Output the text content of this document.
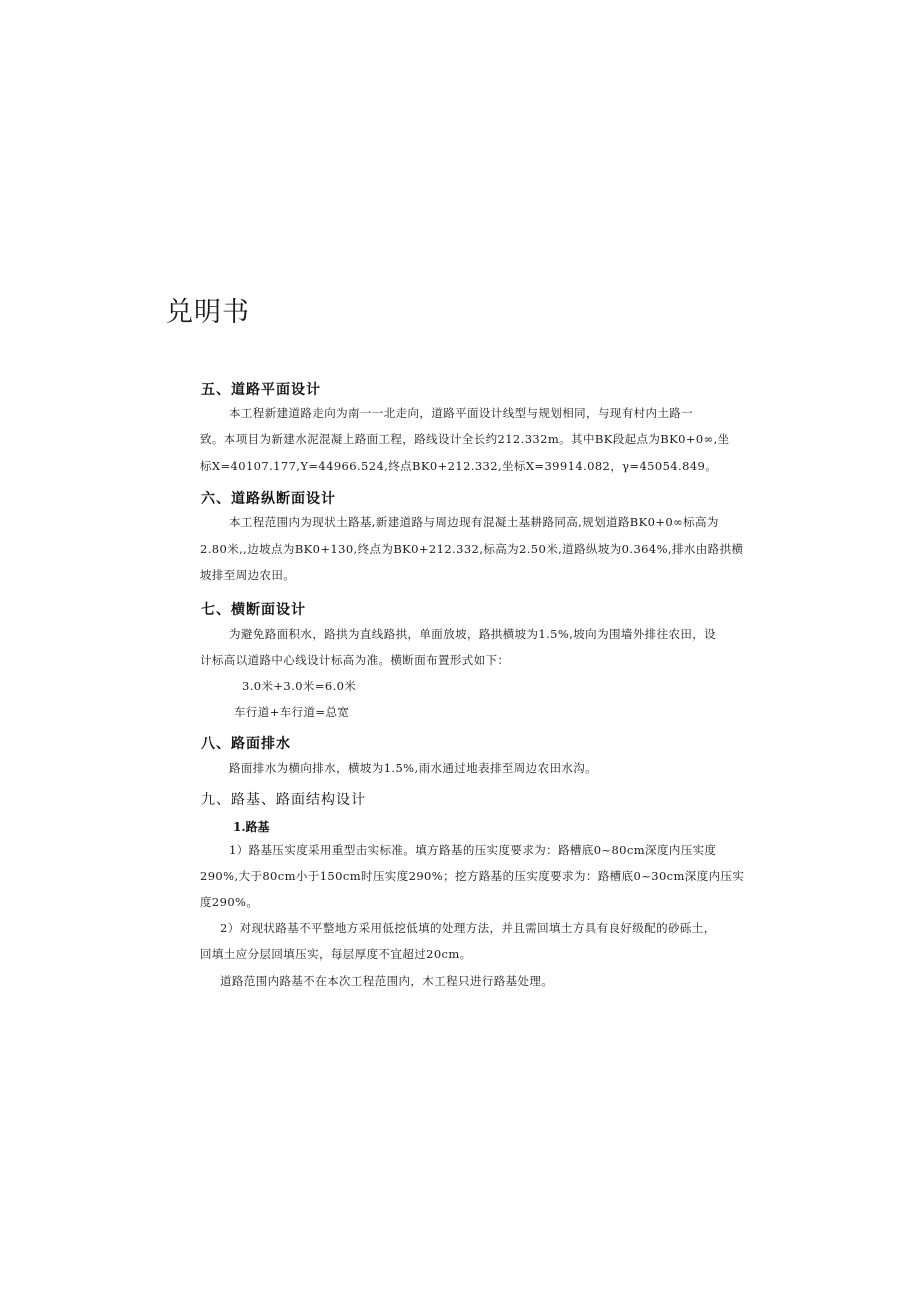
兑明书
五、道路平面设计
本工程新建道路走向为南一一北走向，道路平面设计线型与规划相同，与现有村内土路一
致。本项目为新建水泥混凝上路面工程，路线设计全长约212.332m。其中BK段起点为BK0+0∞,坐
标X=40107.177,Y=44966.524,终点BK0+212.332,坐标X=39914.082，γ=45054.849。
六、道路纵断面设计
本工程范围内为现状土路基,新建道路与周边现有混凝土基耕路同高,规划道路BK0+0∞标高为
2.80米,,边坡点为BK0+130,终点为BK0+212.332,标高为2.50米,道路纵坡为0.364%,排水由路拱横
坡排至周边农田。
七、横断面设计
为避免路面积水，路拱为直线路拱，单面放坡，路拱横坡为1.5%,坡向为围墙外排往农田，设
计标高以道路中心线设计标高为准。横断面布置形式如下：
3.0米+3.0米=6.0米
车行道+车行道=总宽
八、路面排水
路面排水为横向排水，横坡为1.5%,雨水通过地表排至周边农田水沟。
九、路基、路面结构设计
1.路基
1）路基压实度采用重型击实标准。填方路基的压实度要求为：路槽底0~80cm深度内压实度
290%,大于80cm小于150cm时压实度290%；挖方路基的压实度要求为：路槽底0~30cm深度内压实
度290%。
2）对现状路基不平整地方采用低挖低填的处理方法，并且需回填土方具有良好级配的砂砾土，
回填土应分层回填压实，每层厚度不宜超过20cm。
道路范围内路基不在本次工程范围内，木工程只进行路基处理。
